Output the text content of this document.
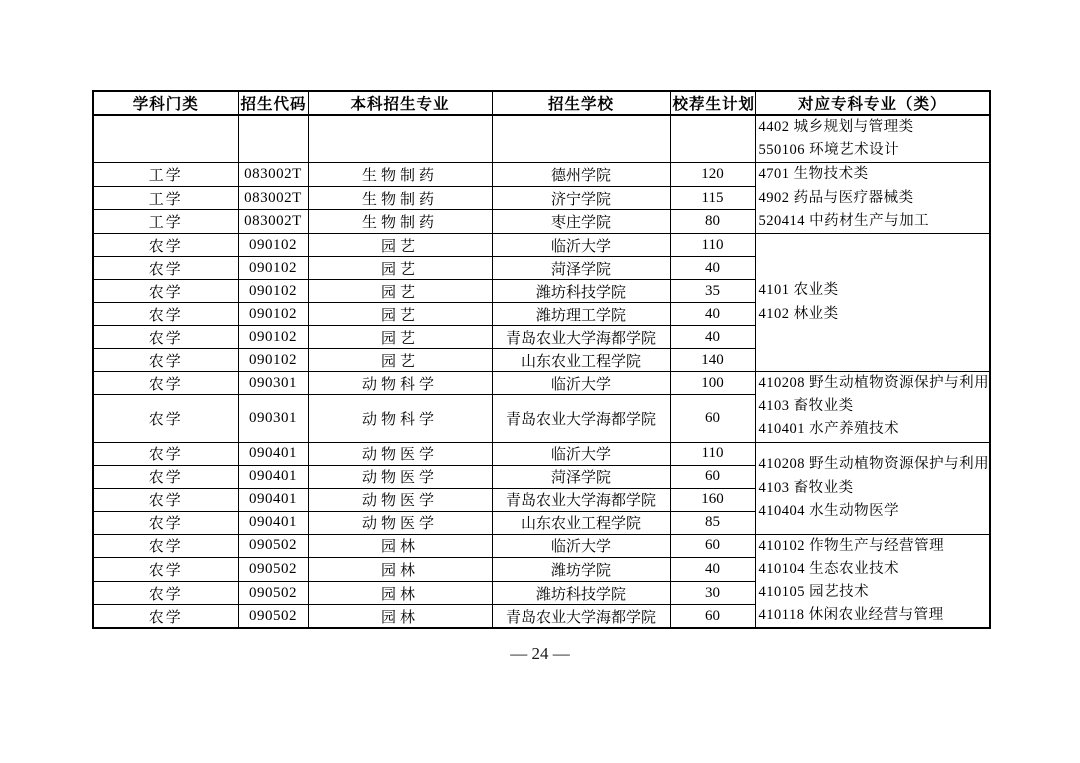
学科门类	招生代码	本科招生专业	招生学校	校荐生计划	对应专科专业（类）

					4402 城乡规划与管理类
550106 环境艺术设计

工学	083002T	生物制药	德州学院	120	4701 生物技术类
4902 药品与医疗器械类
520414 中药材生产与加工

工学	083002T	生物制药	济宁学院	115	
工学	083002T	生物制药	枣庄学院	80	
农学	090102	园艺	临沂大学	110	4101 农业类
4102 林业类

农学	090102	园艺	菏泽学院	40	
农学	090102	园艺	潍坊科技学院	35	
农学	090102	园艺	潍坊理工学院	40	
农学	090102	园艺	青岛农业大学海都学院	40	
农学	090102	园艺	山东农业工程学院	140	
农学	090301	动物科学	临沂大学	100	410208 野生动植物资源保护与利用
4103 畜牧业类
410401 水产养殖技术

农学	090301	动物科学	青岛农业大学海都学院	60	
农学	090401	动物医学	临沂大学	110	410208 野生动植物资源保护与利用
4103 畜牧业类
410404 水生动物医学

农学	090401	动物医学	菏泽学院	60	
农学	090401	动物医学	青岛农业大学海都学院	160	
农学	090401	动物医学	山东农业工程学院	85	
农学	090502	园林	临沂大学	60	410102 作物生产与经营管理
410104 生态农业技术
410105 园艺技术
410118 休闲农业经营与管理

农学	090502	园林	潍坊学院	40	
农学	090502	园林	潍坊科技学院	30	
农学	090502	园林	青岛农业大学海都学院	60	
— 24 —
